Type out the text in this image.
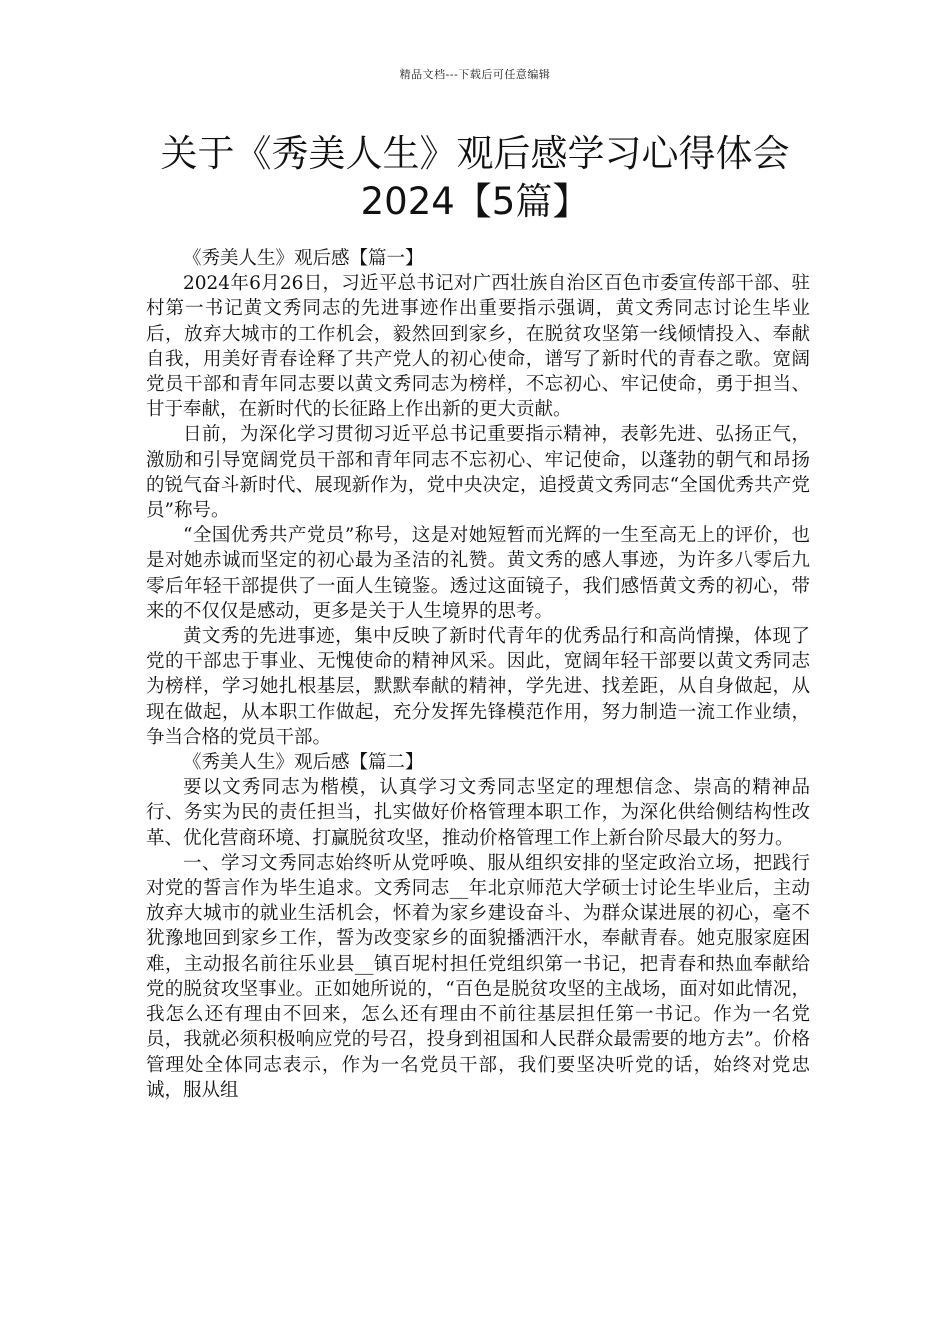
精品文档---下载后可任意编辑
关于《秀美人生》观后感学习心得体会
2024【5篇】

《秀美人生》观后感【篇一】

2024年6月26日，习近平总书记对广西壮族自治区百色市委宣传部干部、驻村第一书记黄文秀同志的先进事迹作出重要指示强调，黄文秀同志讨论生毕业后，放弃大城市的工作机会，毅然回到家乡，在脱贫攻坚第一线倾情投入、奉献自我，用美好青春诠释了共产党人的初心使命，谱写了新时代的青春之歌。宽阔党员干部和青年同志要以黄文秀同志为榜样，不忘初心、牢记使命，勇于担当、甘于奉献，在新时代的长征路上作出新的更大贡献。

日前，为深化学习贯彻习近平总书记重要指示精神，表彰先进、弘扬正气，激励和引导宽阔党员干部和青年同志不忘初心、牢记使命，以蓬勃的朝气和昂扬的锐气奋斗新时代、展现新作为，党中央决定，追授黄文秀同志“全国优秀共产党员”称号。

“全国优秀共产党员”称号，这是对她短暂而光辉的一生至高无上的评价，也是对她赤诚而坚定的初心最为圣洁的礼赞。黄文秀的感人事迹，为许多八零后九零后年轻干部提供了一面人生镜鉴。透过这面镜子，我们感悟黄文秀的初心，带来的不仅仅是感动，更多是关于人生境界的思考。

黄文秀的先进事迹，集中反映了新时代青年的优秀品行和高尚情操，体现了党的干部忠于事业、无愧使命的精神风采。因此，宽阔年轻干部要以黄文秀同志为榜样，学习她扎根基层，默默奉献的精神，学先进、找差距，从自身做起，从现在做起，从本职工作做起，充分发挥先锋模范作用，努力制造一流工作业绩，争当合格的党员干部。

《秀美人生》观后感【篇二】

要以文秀同志为楷模，认真学习文秀同志坚定的理想信念、崇高的精神品行、务实为民的责任担当，扎实做好价格管理本职工作，为深化供给侧结构性改革、优化营商环境、打赢脱贫攻坚，推动价格管理工作上新台阶尽最大的努力。

一、学习文秀同志始终听从党呼唤、服从组织安排的坚定政治立场，把践行对党的誓言作为毕生追求。文秀同志__年北京师范大学硕士讨论生毕业后，主动放弃大城市的就业生活机会，怀着为家乡建设奋斗、为群众谋进展的初心，毫不犹豫地回到家乡工作，誓为改变家乡的面貌播洒汗水，奉献青春。她克服家庭困难，主动报名前往乐业县__镇百坭村担任党组织第一书记，把青春和热血奉献给党的脱贫攻坚事业。正如她所说的，“百色是脱贫攻坚的主战场，面对如此情况，我怎么还有理由不回来，怎么还有理由不前往基层担任第一书记。作为一名党员，我就必须积极响应党的号召，投身到祖国和人民群众最需要的地方去”。价格管理处全体同志表示，作为一名党员干部，我们要坚决听党的话，始终对党忠诚，服从组
